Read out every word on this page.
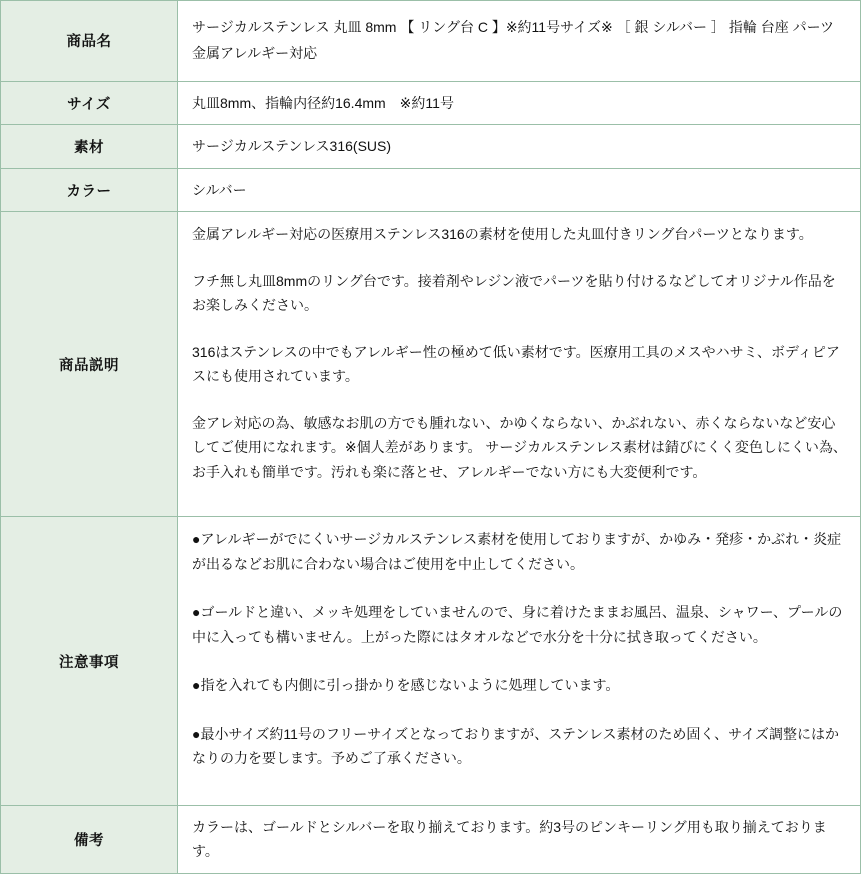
商品名	サージカルステンレス 丸皿 8mm 【 リング台 C 】※約11号サイズ※ ［ 銀 シルバー ］ 指輪 台座 パーツ 金属アレルギー対応

サイズ	丸皿8mm、指輪内径約16.4mm　※約11号

素材	サージカルステンレス316(SUS)

カラー	シルバー

商品説明	金属アレルギー対応の医療用ステンレス316の素材を使用した丸皿付きリング台パーツとなります。

フチ無し丸皿8mmのリング台です。接着剤やレジン液でパーツを貼り付けるなどしてオリジナル作品をお楽しみください。

316はステンレスの中でもアレルギー性の極めて低い素材です。医療用工具のメスやハサミ、ボディピアスにも使用されています。

金アレ対応の為、敏感なお肌の方でも腫れない、かゆくならない、かぶれない、赤くならないなど安心してご使用になれます。※個人差があります。 サージカルステンレス素材は錆びにくく変色しにくい為、お手入れも簡単です。汚れも楽に落とせ、アレルギーでない方にも大変便利です。

注意事項	●アレルギーがでにくいサージカルステンレス素材を使用しておりますが、かゆみ・発疹・かぶれ・炎症が出るなどお肌に合わない場合はご使用を中止してください。

●ゴールドと違い、メッキ処理をしていませんので、身に着けたままお風呂、温泉、シャワー、プールの中に入っても構いません。上がった際にはタオルなどで水分を十分に拭き取ってください。

●指を入れても内側に引っ掛かりを感じないように処理しています。

●最小サイズ約11号のフリーサイズとなっておりますが、ステンレス素材のため固く、サイズ調整にはかなりの力を要します。予めご了承ください。

備考	カラーは、ゴールドとシルバーを取り揃えております。約3号のピンキーリング用も取り揃えております。
